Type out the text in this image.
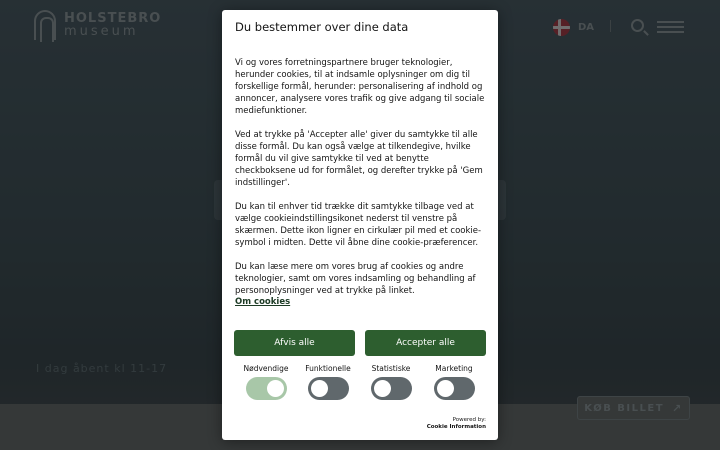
Du bestemmer over dine data

Vi og vores forretningspartnere bruger teknologier, herunder cookies, til at indsamle oplysninger om dig til forskellige formål, herunder: personalisering af indhold og annoncer, analysere vores trafik og give adgang til sociale mediefunktioner.

Ved at trykke på 'Accepter alle' giver du samtykke til alle disse formål. Du kan også vælge at tilkendegive, hvilke formål du vil give samtykke til ved at benytte checkboksene ud for formålet, og derefter trykke på 'Gem indstillinger'.

Du kan til enhver tid trække dit samtykke tilbage ved at vælge cookieindstillingsikonet nederst til venstre på skærmen. Dette ikon ligner en cirkulær pil med et cookie-symbol i midten. Dette vil åbne dine cookie-præferencer.

Du kan læse mere om vores brug af cookies og andre teknologier, samt om vores indsamling og behandling af personoplysninger ved at trykke på linket.

Om cookies
Afvis alle	Accepter alle
Nødvendige Funktionelle	Statistiske	Marketing
Powered by:
Cookie Information
